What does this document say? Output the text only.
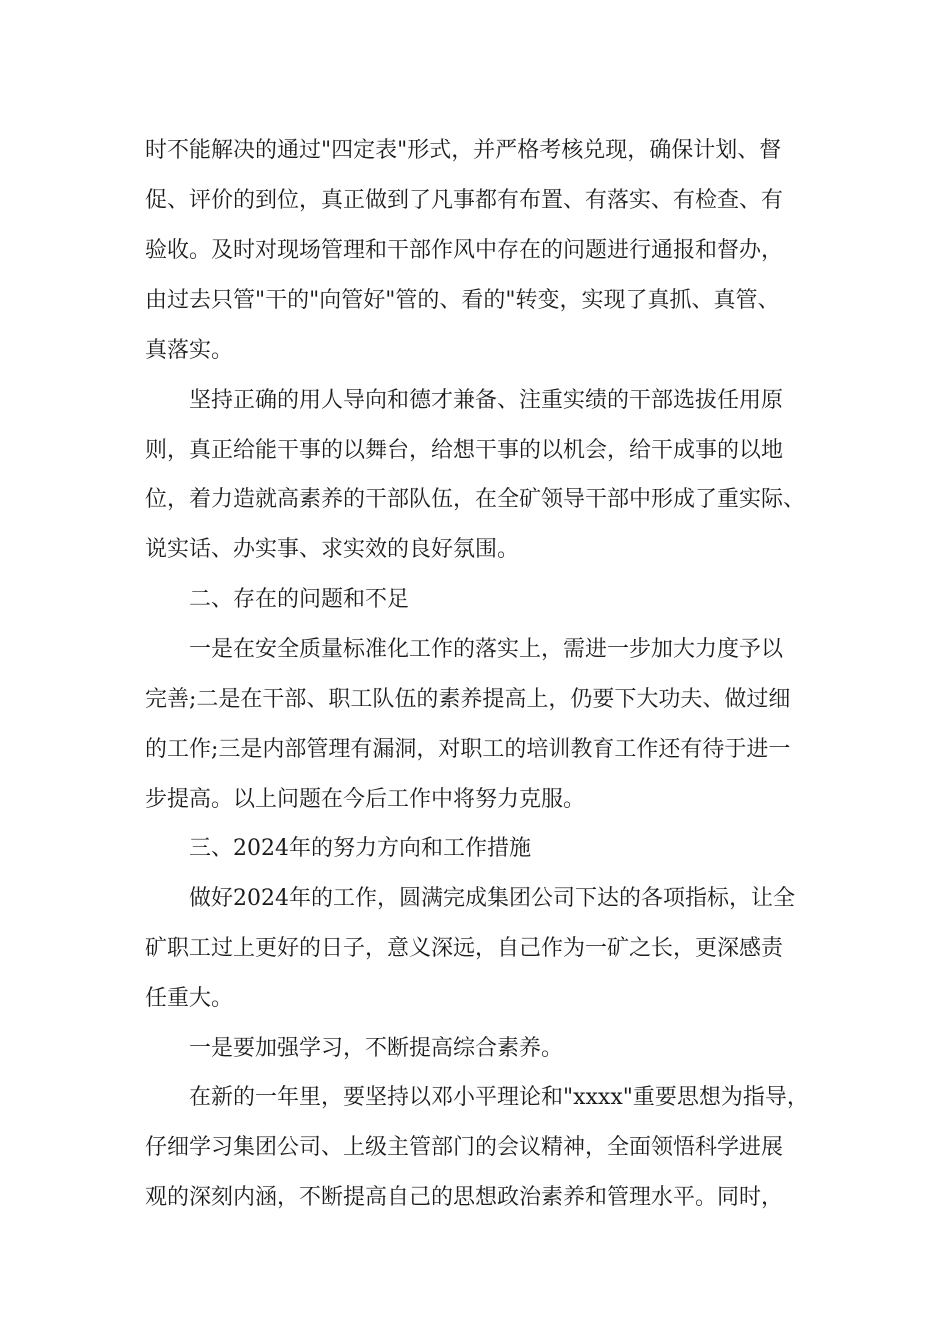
时不能解决的通过"四定表"形式，并严格考核兑现，确保计划、督
促、评价的到位，真正做到了凡事都有布置、有落实、有检查、有
验收。及时对现场管理和干部作风中存在的问题进行通报和督办，
由过去只管"干的"向管好"管的、看的"转变，实现了真抓、真管、
真落实。
坚持正确的用人导向和德才兼备、注重实绩的干部选拔任用原
则，真正给能干事的以舞台，给想干事的以机会，给干成事的以地
位，着力造就高素养的干部队伍，在全矿领导干部中形成了重实际、
说实话、办实事、求实效的良好氛围。
二、存在的问题和不足
一是在安全质量标准化工作的落实上，需进一步加大力度予以
完善;二是在干部、职工队伍的素养提高上，仍要下大功夫、做过细
的工作;三是内部管理有漏洞，对职工的培训教育工作还有待于进一
步提高。以上问题在今后工作中将努力克服。
三、2024年的努力方向和工作措施
做好2024年的工作，圆满完成集团公司下达的各项指标，让全
矿职工过上更好的日子，意义深远，自己作为一矿之长，更深感责
任重大。
一是要加强学习，不断提高综合素养。
在新的一年里，要坚持以邓小平理论和"xxxx"重要思想为指导，
仔细学习集团公司、上级主管部门的会议精神，全面领悟科学进展
观的深刻内涵，不断提高自己的思想政治素养和管理水平。同时，
